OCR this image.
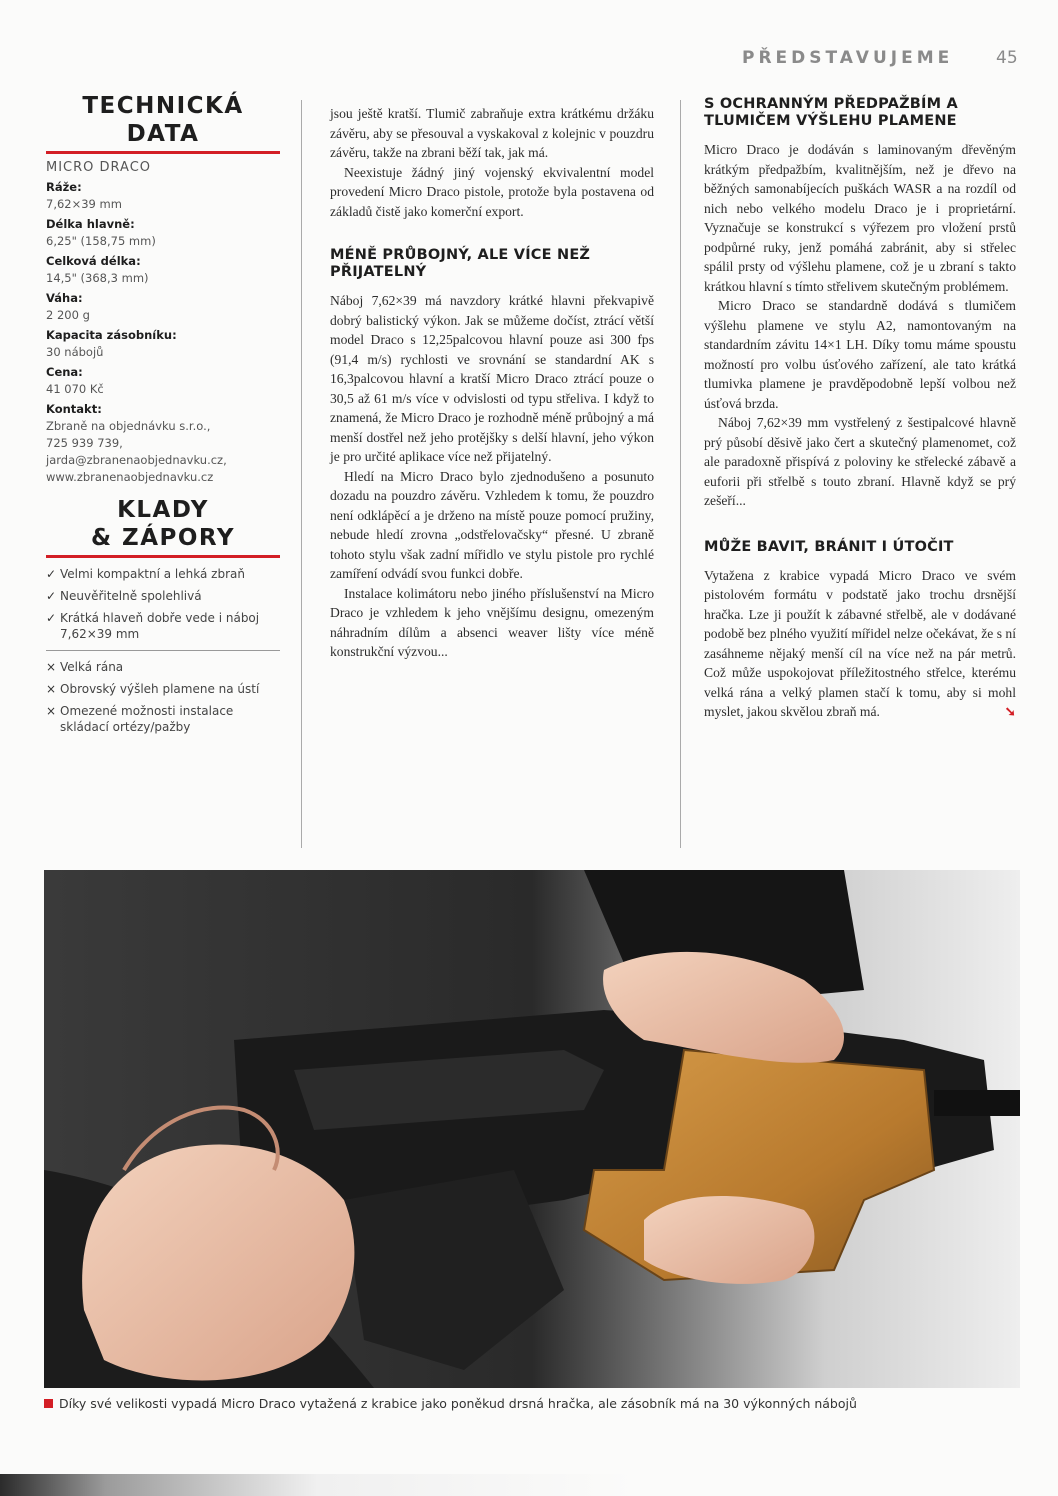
PŘEDSTAVUJEME	45
TECHNICKÁ
DATA
MICRO DRACO
Ráže:
7,62×39 mm
Délka hlavně:
6,25" (158,75 mm)
Celková délka:
14,5" (368,3 mm)
Váha:
2 200 g
Kapacita zásobníku:
30 nábojů
Cena:
41 070 Kč
Kontakt:
Zbraně na objednávku s.r.o.,
725 939 739,
jarda@zbranenaobjednavku.cz,
www.zbranenaobjednavku.cz
KLADY
& ZÁPORY
✓ Velmi kompaktní a lehká zbraň
✓ Neuvěřitelně spolehlivá
✓ Krátká hlaveň dobře vede i náboj 7,62×39 mm
× Velká rána
× Obrovský výšleh plamene na ústí
× Omezené možnosti instalace skládací ortézy/pažby

jsou ještě kratší. Tlumič zabraňuje extra krátkému držáku závěru, aby se přesouval a vyskakoval z kolejnic v pouzdru závěru, takže na zbrani běží tak, jak má.

Neexistuje žádný jiný vojenský ekvivalentní model provedení Micro Draco pistole, protože byla postavena od základů čistě jako komerční export.

MÉNĚ PRŮBOJNÝ, ALE VÍCE NEŽ PŘIJATELNÝ

Náboj 7,62×39 má navzdory krátké hlavni překvapivě dobrý balistický výkon. Jak se můžeme dočíst, ztrácí větší model Draco s 12,25palcovou hlavní pouze asi 300 fps (91,4 m/s) rychlosti ve srovnání se standardní AK s 16,3palcovou hlavní a kratší Micro Draco ztrácí pouze o 30,5 až 61 m/s více v odvislosti od typu střeliva. I když to znamená, že Micro Draco je rozhodně méně průbojný a má menší dostřel než jeho protějšky s delší hlavní, jeho výkon je pro určité aplikace více než přijatelný.

Hledí na Micro Draco bylo zjednodušeno a posunuto dozadu na pouzdro závěru. Vzhledem k tomu, že pouzdro není odklápěcí a je drženo na místě pouze pomocí pružiny, nebude hledí zrovna „odstřelovačsky“ přesné. U zbraně tohoto stylu však zadní mířidlo ve stylu pistole pro rychlé zamíření odvádí svou funkci dobře.

Instalace kolimátoru nebo jiného příslušenství na Micro Draco je vzhledem k jeho vnějšímu designu, omezeným náhradním dílům a absenci weaver lišty více méně konstrukční výzvou...

S OCHRANNÝM PŘEDPAŽBÍM A TLUMIČEM VÝŠLEHU PLAMENE

Micro Draco je dodáván s laminovaným dřevěným krátkým předpažbím, kvalitnějším, než je dřevo na běžných samonabíjecích puškách WASR a na rozdíl od nich nebo velkého modelu Draco je i proprietární. Vyznačuje se konstrukcí s výřezem pro vložení prstů podpůrné ruky, jenž pomáhá zabránit, aby si střelec spálil prsty od výšlehu plamene, což je u zbraní s takto krátkou hlavní s tímto střelivem skutečným problémem.

Micro Draco se standardně dodává s tlumičem výšlehu plamene ve stylu A2, namontovaným na standardním závitu 14×1 LH. Díky tomu máme spoustu možností pro volbu úsťového zařízení, ale tato krátká tlumivka plamene je pravděpodobně lepší volbou než úsťová brzda.

Náboj 7,62×39 mm vystřelený z šestipalcové hlavně prý působí děsivě jako čert a skutečný plamenomet, což ale paradoxně přispívá z poloviny ke střelecké zábavě a euforii při střelbě s touto zbraní. Hlavně když se prý zešeří...

MŮŽE BAVIT, BRÁNIT I ÚTOČIT

Vytažena z krabice vypadá Micro Draco ve svém pistolovém formátu v podstatě jako trochu drsnější hračka. Lze ji použít k zábavné střelbě, ale v dodávané podobě bez plného využití mířidel nelze očekávat, že s ní zasáhneme nějaký menší cíl na více než na pár metrů. Což může uspokojovat příležitostného střelce, kterému velká rána a velký plamen stačí k tomu, aby si mohl myslet, jakou skvělou zbraň má.	➘

Díky své velikosti vypadá Micro Draco vytažená z krabice jako poněkud drsná hračka, ale zásobník má na 30 výkonných nábojů
